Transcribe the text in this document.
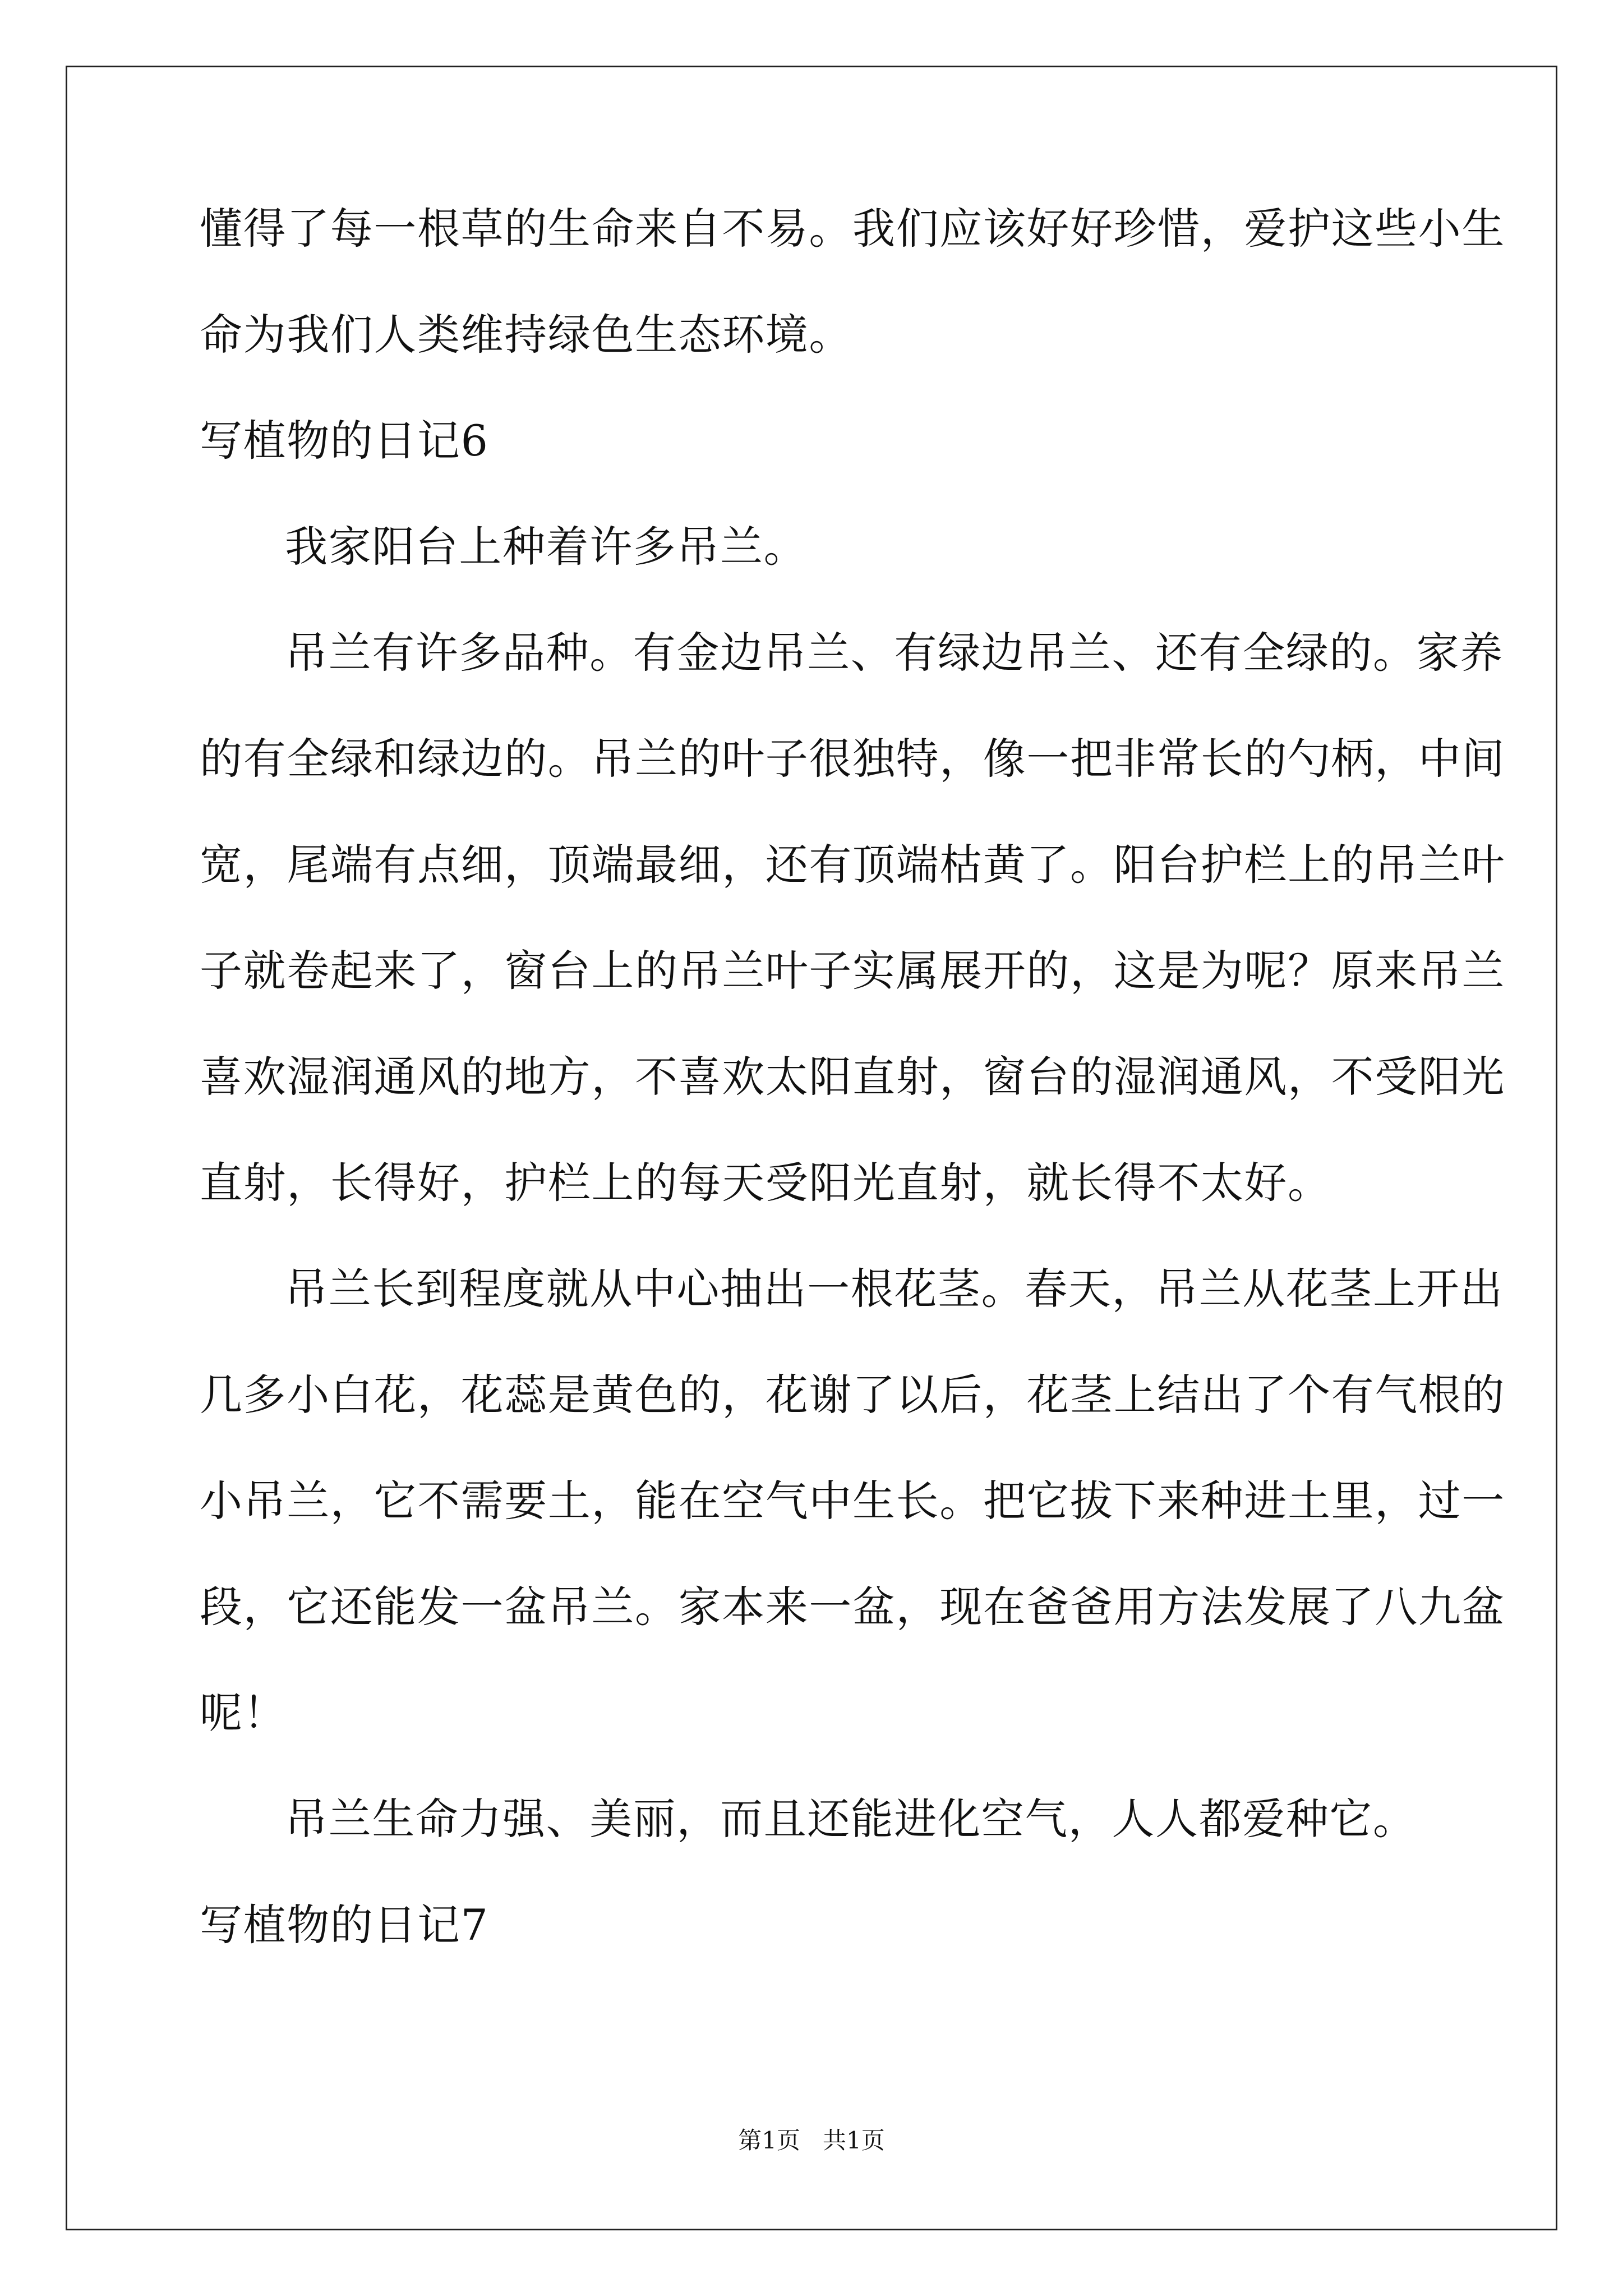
懂得了每一根草的生命来自不易。我们应该好好珍惜，爱护这些小生
命为我们人类维持绿色生态环境。
写植物的日记6
我家阳台上种着许多吊兰。
吊兰有许多品种。有金边吊兰、有绿边吊兰、还有全绿的。家养
的有全绿和绿边的。吊兰的叶子很独特，像一把非常长的勺柄，中间
宽，尾端有点细，顶端最细，还有顶端枯黄了。阳台护栏上的吊兰叶
子就卷起来了，窗台上的吊兰叶子实属展开的，这是为呢？原来吊兰
喜欢湿润通风的地方，不喜欢太阳直射，窗台的湿润通风，不受阳光
直射，长得好，护栏上的每天受阳光直射，就长得不太好。
吊兰长到程度就从中心抽出一根花茎。春天，吊兰从花茎上开出
几多小白花，花蕊是黄色的，花谢了以后，花茎上结出了个有气根的
小吊兰，它不需要土，能在空气中生长。把它拔下来种进土里，过一
段，它还能发一盆吊兰。家本来一盆，现在爸爸用方法发展了八九盆
呢！
吊兰生命力强、美丽，而且还能进化空气，人人都爱种它。
写植物的日记7
第1页   共1页
